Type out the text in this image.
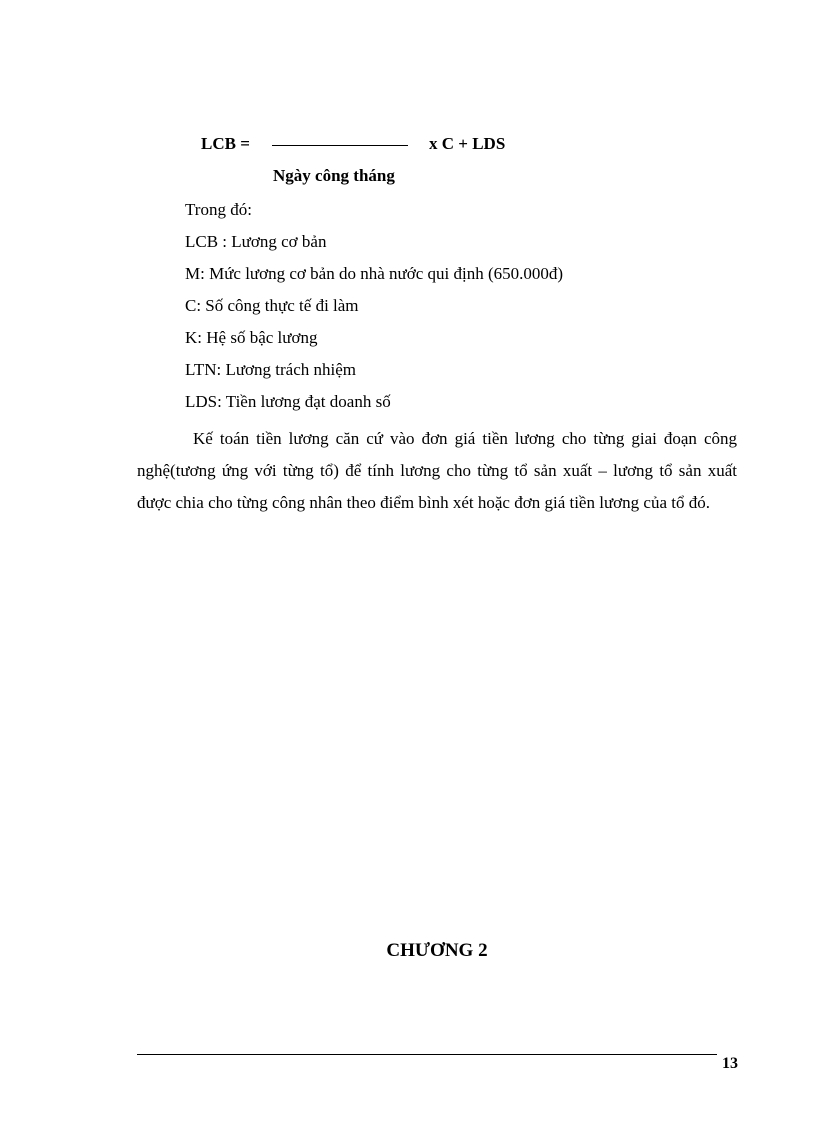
LCB =	x C + LDS
Ngày công tháng
Trong đó:
LCB : Lương cơ bản
M: Mức lương cơ bản do nhà nước qui định (650.000đ)
C: Số công thực tế đi làm
K: Hệ số bậc lương
LTN: Lương trách nhiệm
LDS: Tiền lương đạt doanh số
Kế toán tiền lương căn cứ vào đơn giá tiền lương cho từng giai đoạn công nghệ(tương ứng với từng tổ) để tính lương cho từng tổ sản xuất – lương tổ sản xuất được chia cho từng công nhân theo điểm bình xét hoặc đơn giá tiền lương của tổ đó.
CHƯƠNG 2
13
